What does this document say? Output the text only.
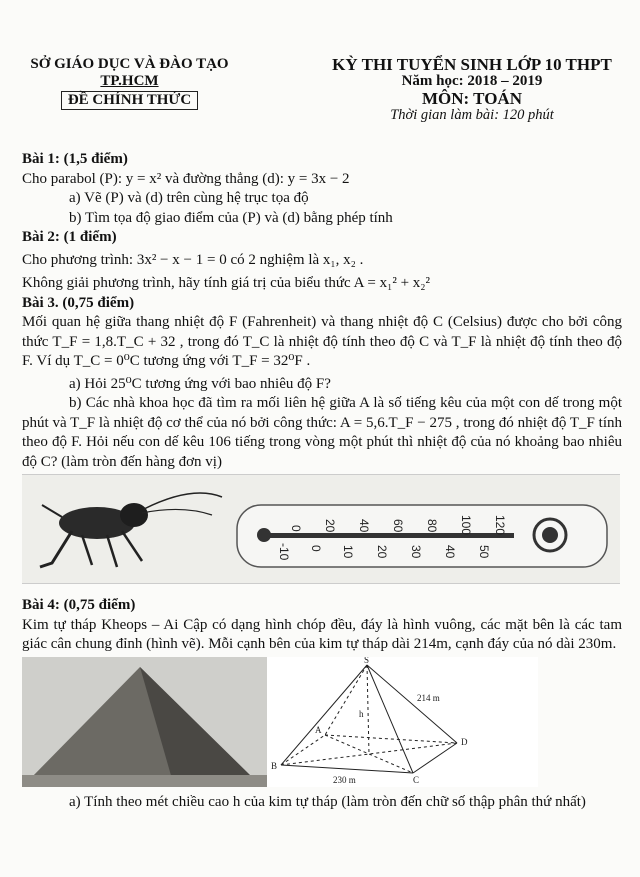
SỞ GIÁO DỤC VÀ ĐÀO TẠO
TP.HCM
ĐỀ CHÍNH THỨC
KỲ THI TUYỂN SINH LỚP 10 THPT
Năm học: 2018 – 2019
MÔN: TOÁN
Thời gian làm bài: 120 phút

Bài 1: (1,5 điểm)

Cho parabol (P): y = x² và đường thẳng (d): y = 3x − 2

a) Vẽ (P) và (d) trên cùng hệ trục tọa độ

b) Tìm tọa độ giao điểm của (P) và (d) bằng phép tính

Bài 2: (1 điểm)

Cho phương trình: 3x² − x − 1 = 0 có 2 nghiệm là x₁, x₂ .

Không giải phương trình, hãy tính giá trị của biểu thức A = x₁² + x₂²

Bài 3. (0,75 điểm)

Mối quan hệ giữa thang nhiệt độ F (Fahrenheit) và thang nhiệt độ C (Celsius) được cho bởi công thức T_F = 1,8.T_C + 32 , trong đó T_C là nhiệt độ tính theo độ C và T_F là nhiệt độ tính theo độ F. Ví dụ T_C = 0⁰C tương ứng với T_F = 32⁰F .

a) Hỏi 25⁰C tương ứng với bao nhiêu độ F?

b) Các nhà khoa học đã tìm ra mối liên hệ giữa A là số tiếng kêu của một con dế trong một phút và T_F là nhiệt độ cơ thể của nó bởi công thức: A = 5,6.T_F − 275 , trong đó nhiệt độ T_F tính theo độ F. Hỏi nếu con dế kêu 106 tiếng trong vòng một phút thì nhiệt độ của nó khoảng bao nhiêu độ C? (làm tròn đến hàng đơn vị)

0 20 40 60 80 100 120
-10 0 10 20 30 40 50

Bài 4: (0,75 điểm)

Kim tự tháp Kheops – Ai Cập có dạng hình chóp đều, đáy là hình vuông, các mặt bên là các tam giác cân chung đỉnh (hình vẽ). Mỗi cạnh bên của kim tự tháp dài 214m, cạnh đáy của nó dài 230m.

S
h
214 m
230 m
A
B
C
D

a) Tính theo mét chiều cao h của kim tự tháp (làm tròn đến chữ số thập phân thứ nhất)
